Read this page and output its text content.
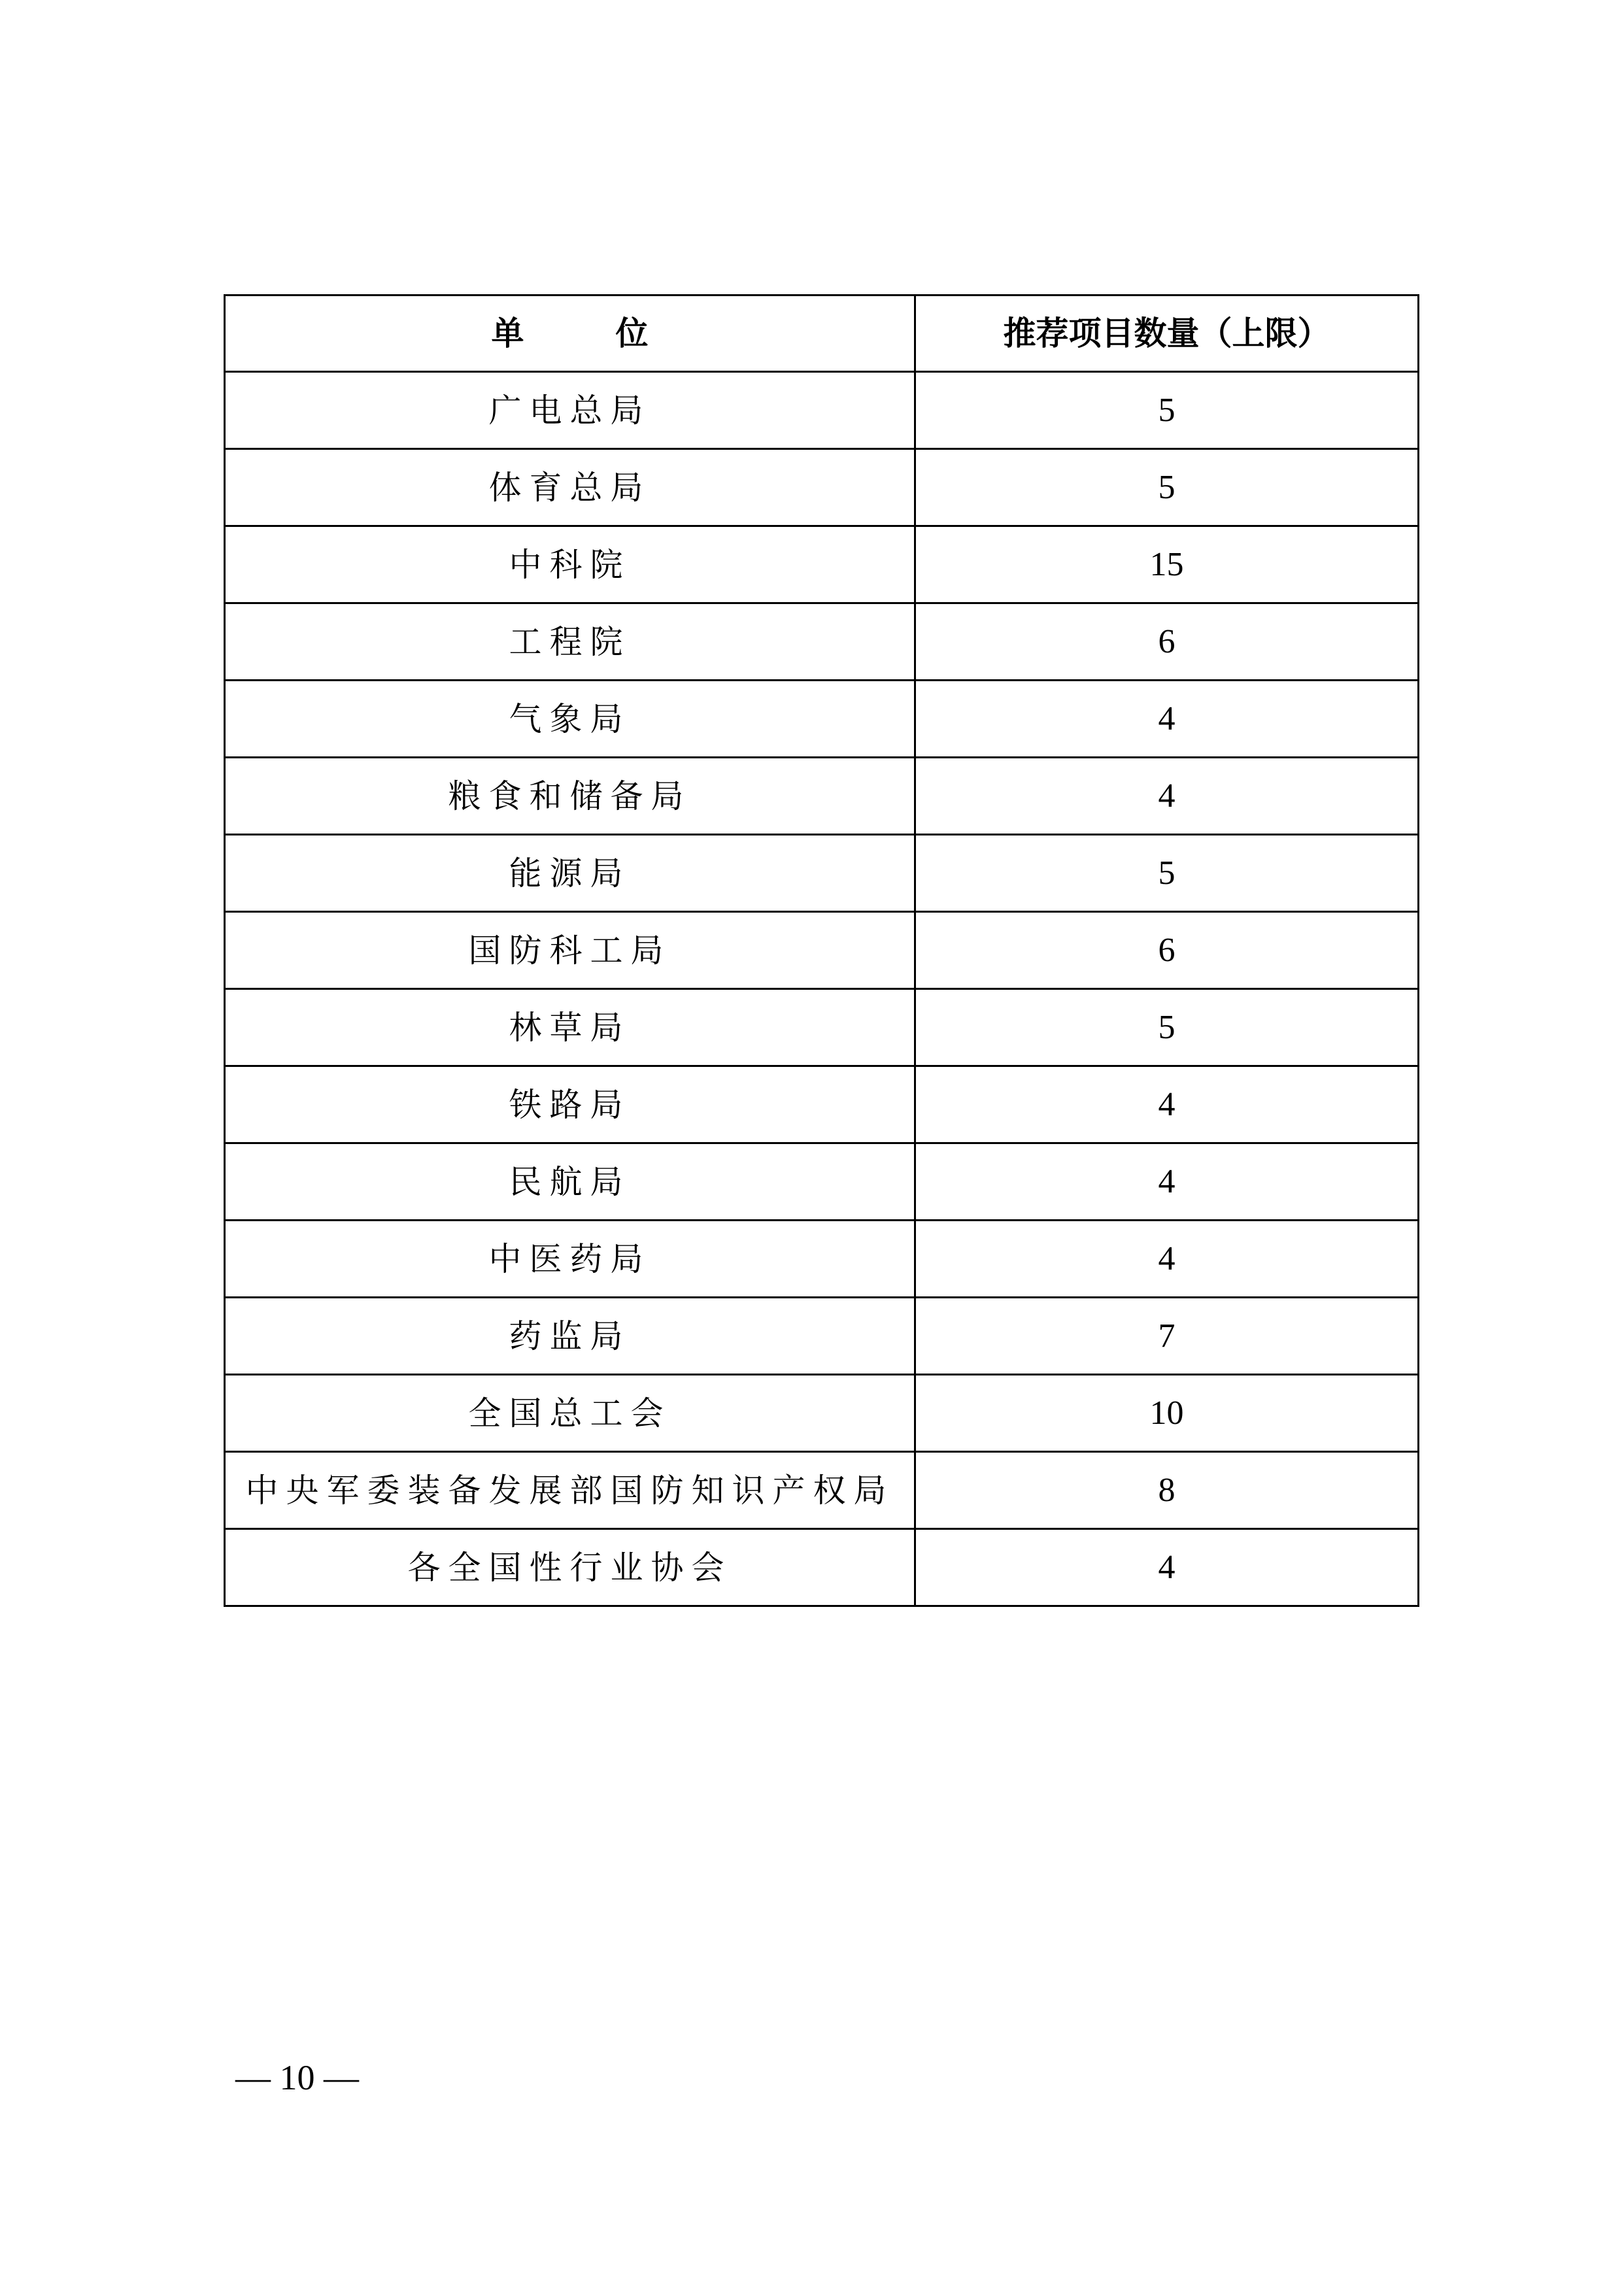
单 位	推荐项目数量（上限）
广电总局	5
体育总局	5
中科院	15
工程院	6
气象局	4
粮食和储备局	4
能源局	5
国防科工局	6
林草局	5
铁路局	4
民航局	4
中医药局	4
药监局	7
全国总工会	10
中央军委装备发展部国防知识产权局	8
各全国性行业协会	4
— 10 —
